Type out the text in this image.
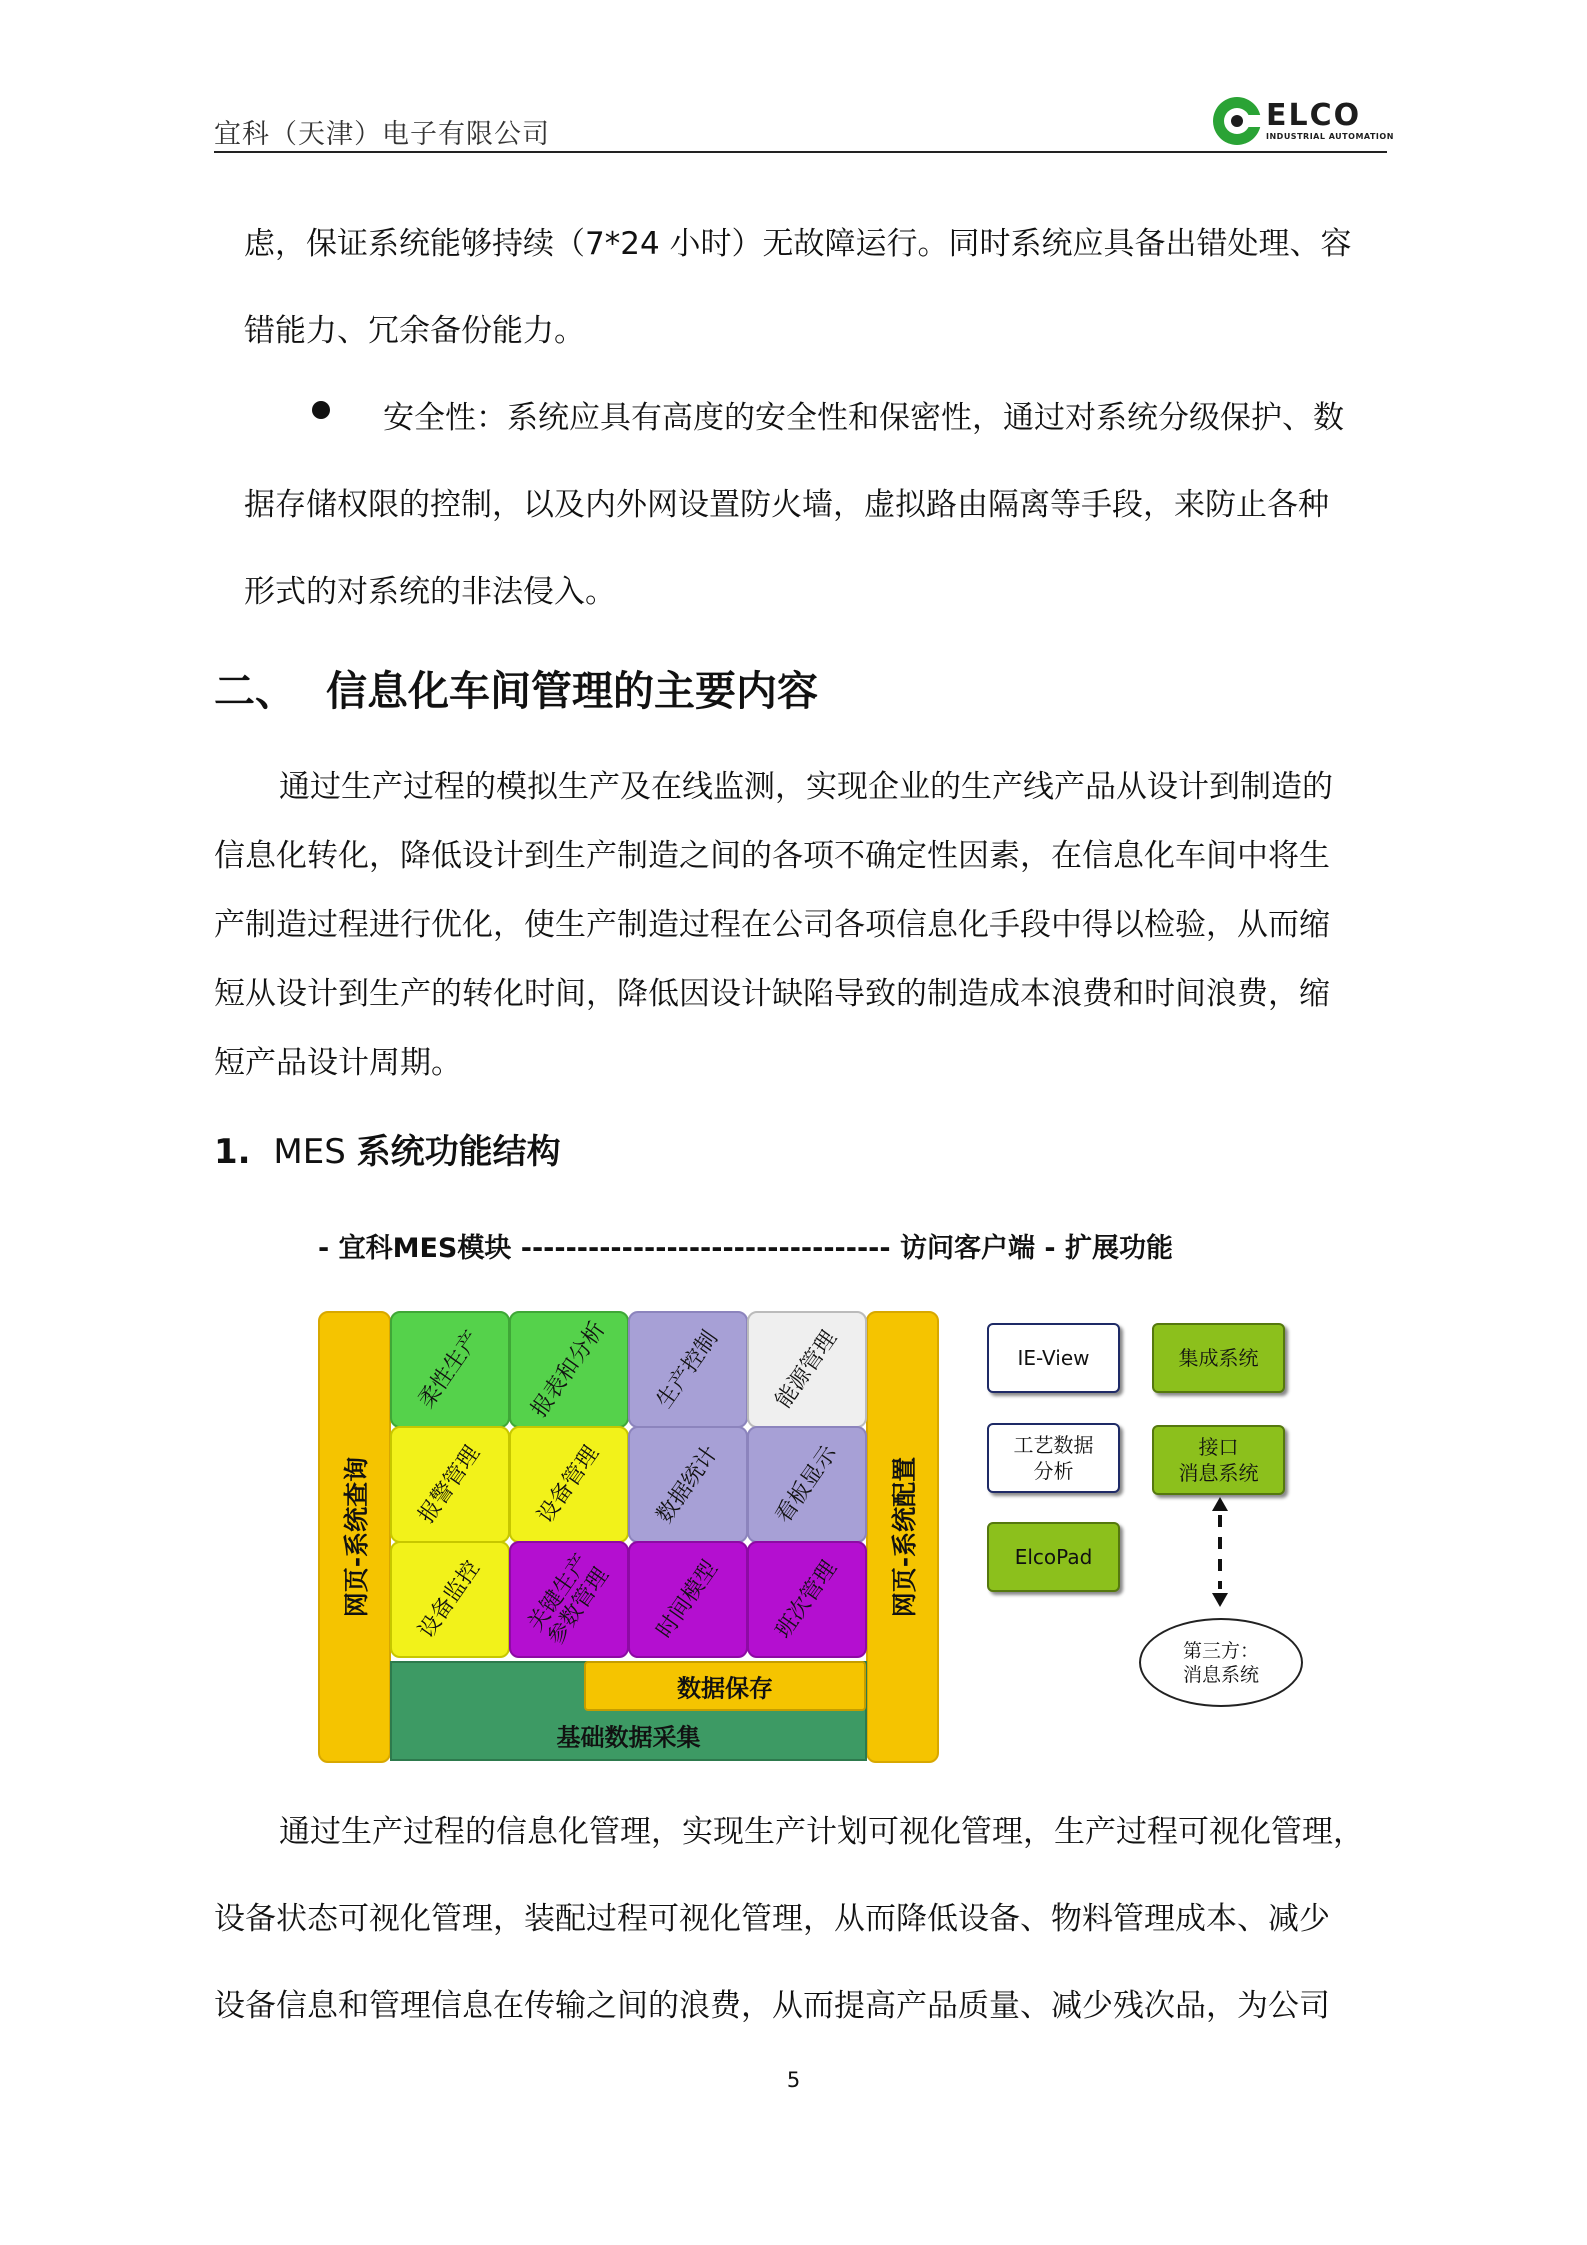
宜科（天津）电子有限公司
ELCO
INDUSTRIAL AUTOMATION
虑，保证系统能够持续（7*24 小时）无故障运行。同时系统应具备出错处理、容
错能力、冗余备份能力。
安全性：系统应具有高度的安全性和保密性，通过对系统分级保护、数
据存储权限的控制，以及内外网设置防火墙，虚拟路由隔离等手段，来防止各种
形式的对系统的非法侵入。
二、 信息化车间管理的主要内容
通过生产过程的模拟生产及在线监测，实现企业的生产线产品从设计到制造的
信息化转化，降低设计到生产制造之间的各项不确定性因素，在信息化车间中将生
产制造过程进行优化，使生产制造过程在公司各项信息化手段中得以检验，从而缩
短从设计到生产的转化时间，降低因设计缺陷导致的制造成本浪费和时间浪费，缩
短产品设计周期。
1. MES 系统功能结构
- 宜科MES模块 --------------------------------- 访问客户端 - 扩展功能
网页-系统查询	网页-系统配置
柔性生产 报表和分析 生产控制 能源管理
报警管理 设备管理 数据统计 看板显示
设备监控 关键生产
参数管理 时间模型 班次管理
基础数据采集
数据保存
IE-View
工艺数据
分析
ElcoPad
集成系统
接口
消息系统
第三方：
消息系统
通过生产过程的信息化管理，实现生产计划可视化管理，生产过程可视化管理，
设备状态可视化管理，装配过程可视化管理，从而降低设备、物料管理成本、减少
设备信息和管理信息在传输之间的浪费，从而提高产品质量、减少残次品，为公司
5
